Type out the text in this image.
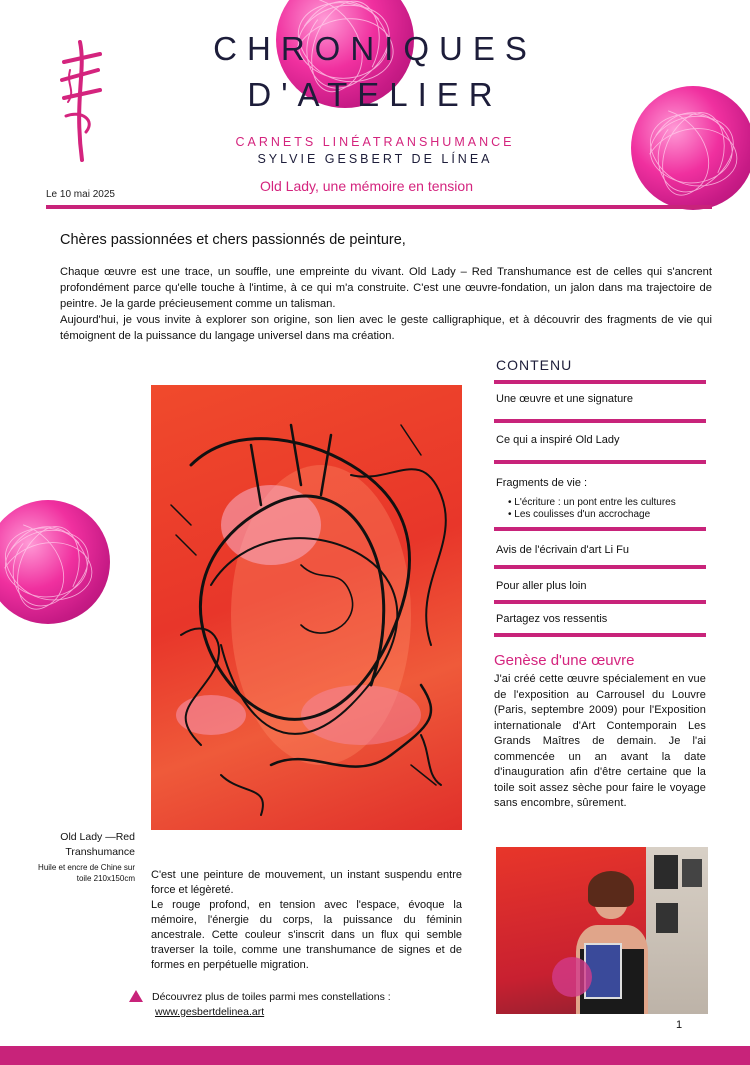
CHRONIQUES
D'ATELIER
CARNETS LINÉATRANSHUMANCE
SYLVIE GESBERT DE LÍNEA
Le 10 mai 2025
Old Lady, une mémoire en tension
Chères passionnées et chers passionnés de peinture,
Chaque œuvre est une trace, un souffle, une empreinte du vivant. Old Lady – Red Transhumance est de celles qui s'ancrent profondément parce qu'elle touche à l'intime, à ce qui m'a construite. C'est une œuvre-fondation, un jalon dans ma trajectoire de peintre. Je la garde précieusement comme un talisman.
Aujourd'hui, je vous invite à explorer son origine, son lien avec le geste calligraphique, et à découvrir des fragments de vie qui témoignent de la puissance du langage universel dans ma création.
CONTENU
Une œuvre et une signature
Ce qui a inspiré Old Lady
Fragments de vie :
• L'écriture : un pont entre les cultures
• Les coulisses d'un accrochage
Avis de l'écrivain d'art Li Fu
Pour aller plus loin
Partagez vos ressentis
Genèse d'une œuvre
J'ai créé cette œuvre spécialement en vue de l'exposition au Carrousel du Louvre (Paris, septembre 2009) pour l'Exposition internationale d'Art Contemporain Les Grands Maîtres de demain. Je l'ai commencée un an avant la date d'inauguration afin d'être certaine que la toile soit assez sèche pour faire le voyage sans encombre, sûrement.
Old Lady —Red Transhumance
Huile et encre de Chine sur toile 210x150cm C'est une peinture de mouvement, un instant suspendu entre force et légèreté.
Le rouge profond, en tension avec l'espace, évoque la mémoire, l'énergie du corps, la puissance du féminin ancestrale. Cette couleur s'inscrit dans un flux qui semble traverser la toile, comme une transhumance de signes et de formes en perpétuelle migration.
Découvrez plus de toiles parmi mes constellations :
www.gesbertdelinea.art
1
